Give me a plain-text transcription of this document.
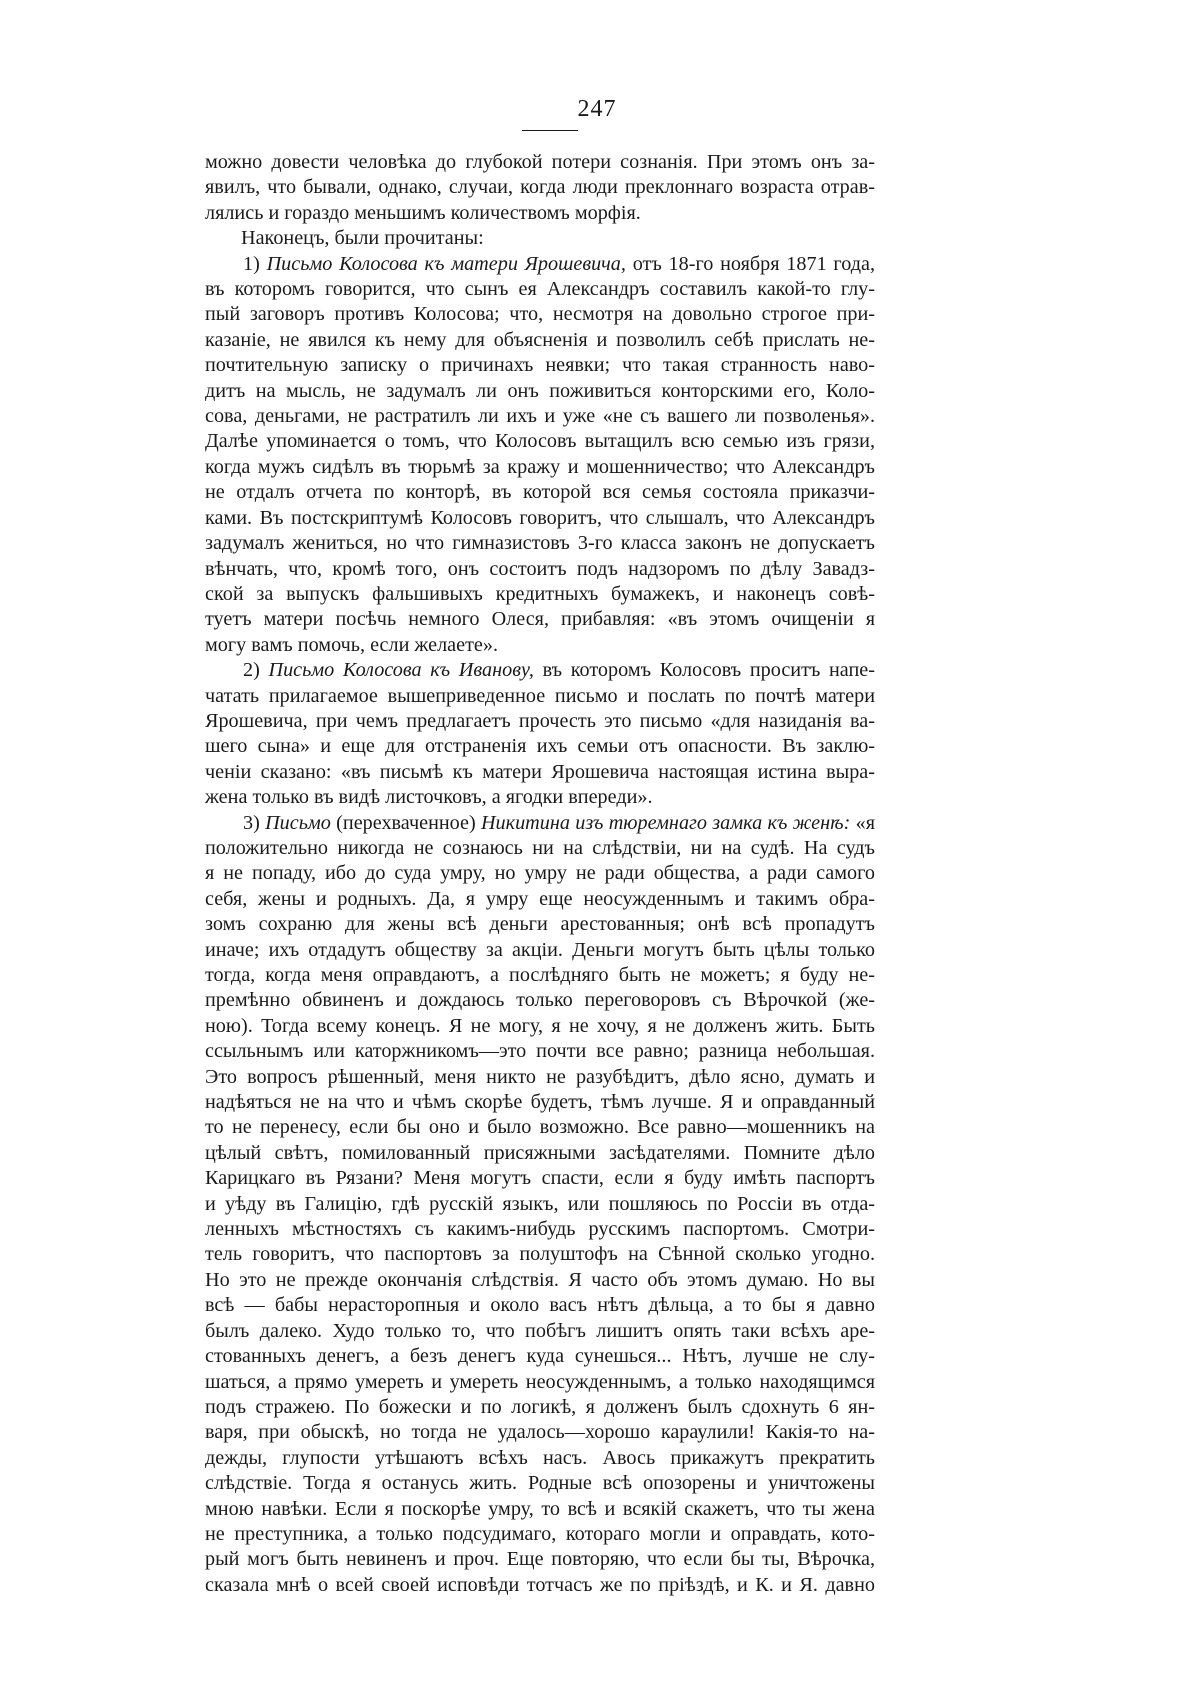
247
можно довести человѣка до глубокой потери сознанія. При этомъ онъ за-
явилъ, что бывали, однако, случаи, когда люди преклоннаго возраста отрав-
лялись и гораздо меньшимъ количествомъ морфія.
Наконецъ, были прочитаны:
1) Письмо Колосова къ матери Ярошевича, отъ 18-го ноября 1871 года,
въ которомъ говорится, что сынъ ея Александръ составилъ какой-то глу-
пый заговоръ противъ Колосова; что, несмотря на довольно строгое при-
казаніе, не явился къ нему для объясненія и позволилъ себѣ прислать не-
почтительную записку о причинахъ неявки; что такая странность наво-
дитъ на мысль, не задумалъ ли онъ поживиться конторскими его, Коло-
сова, деньгами, не растратилъ ли ихъ и уже «не съ вашего ли позволенья».
Далѣе упоминается о томъ, что Колосовъ вытащилъ всю семью изъ грязи,
когда мужъ сидѣлъ въ тюрьмѣ за кражу и мошенничество; что Александръ
не отдалъ отчета по конторѣ, въ которой вся семья состояла приказчи-
ками. Въ постскриптумѣ Колосовъ говоритъ, что слышалъ, что Александръ
задумалъ жениться, но что гимназистовъ 3-го класса законъ не допускаетъ
вѣнчать, что, кромѣ того, онъ состоитъ подъ надзоромъ по дѣлу Завадз-
ской за выпускъ фальшивыхъ кредитныхъ бумажекъ, и наконецъ совѣ-
туетъ матери посѣчь немного Олеся, прибавляя: «въ этомъ очищеніи я
могу вамъ помочь, если желаете».
2) Письмо Колосова къ Иванову, въ которомъ Колосовъ проситъ напе-
чатать прилагаемое вышеприведенное письмо и послать по почтѣ матери
Ярошевича, при чемъ предлагаетъ прочесть это письмо «для назиданія ва-
шего сына» и еще для отстраненія ихъ семьи отъ опасности. Въ заклю-
ченіи сказано: «въ письмѣ къ матери Ярошевича настоящая истина выра-
жена только въ видѣ листочковъ, а ягодки впереди».
3) Письмо (перехваченное) Никитина изъ тюремнаго замка къ женѣ: «я
положительно никогда не сознаюсь ни на слѣдствіи, ни на судѣ. На судъ
я не попаду, ибо до суда умру, но умру не ради общества, а ради самого
себя, жены и родныхъ. Да, я умру еще неосужденнымъ и такимъ обра-
зомъ сохраню для жены всѣ деньги арестованныя; онѣ всѣ пропадутъ
иначе; ихъ отдадутъ обществу за акціи. Деньги могутъ быть цѣлы только
тогда, когда меня оправдаютъ, а послѣдняго быть не можетъ; я буду не-
премѣнно обвиненъ и дождаюсь только переговоровъ съ Вѣрочкой (же-
ною). Тогда всему конецъ. Я не могу, я не хочу, я не долженъ жить. Быть
ссыльнымъ или каторжникомъ—это почти все равно; разница небольшая.
Это вопросъ рѣшенный, меня никто не разубѣдитъ, дѣло ясно, думать и
надѣяться не на что и чѣмъ скорѣе будетъ, тѣмъ лучше. Я и оправданный
то не перенесу, если бы оно и было возможно. Все равно—мошенникъ на
цѣлый свѣтъ, помилованный присяжными засѣдателями. Помните дѣло
Карицкаго въ Рязани? Меня могутъ спасти, если я буду имѣть паспортъ
и уѣду въ Галицію, гдѣ русскій языкъ, или пошляюсь по Россіи въ отда-
ленныхъ мѣстностяхъ съ какимъ-нибудь русскимъ паспортомъ. Смотри-
тель говоритъ, что паспортовъ за полуштофъ на Сѣнной сколько угодно.
Но это не прежде окончанія слѣдствія. Я часто объ этомъ думаю. Но вы
всѣ — бабы нерасторопныя и около васъ нѣтъ дѣльца, а то бы я давно
былъ далеко. Худо только то, что побѣгъ лишитъ опять таки всѣхъ аре-
стованныхъ денегъ, а безъ денегъ куда сунешься... Нѣтъ, лучше не слу-
шаться, а прямо умереть и умереть неосужденнымъ, а только находящимся
подъ стражею. По божески и по логикѣ, я долженъ былъ сдохнуть 6 ян-
варя, при обыскѣ, но тогда не удалось—хорошо караулили! Какія-то на-
дежды, глупости утѣшаютъ всѣхъ насъ. Авось прикажутъ прекратить
слѣдствіе. Тогда я останусь жить. Родные всѣ опозорены и уничтожены
мною навѣки. Если я поскорѣе умру, то всѣ и всякій скажетъ, что ты жена
не преступника, а только подсудимаго, котораго могли и оправдать, кото-
рый могъ быть невиненъ и проч. Еще повторяю, что если бы ты, Вѣрочка,
сказала мнѣ о всей своей исповѣди тотчасъ же по пріѣздѣ, и К. и Я. давно
